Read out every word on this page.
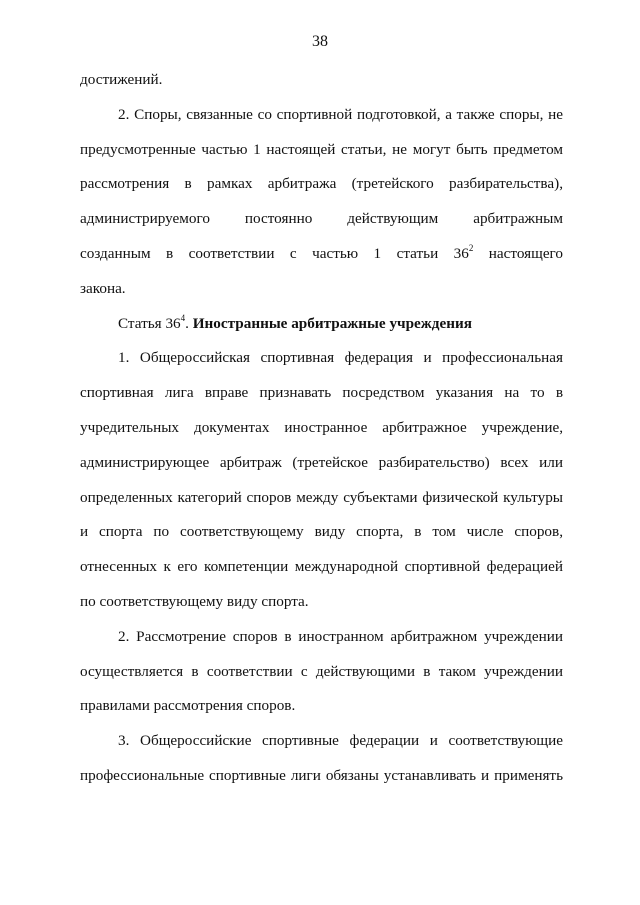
38
достижений.
2. Споры, связанные со спортивной подготовкой, а также споры, не
предусмотренные частью 1 настоящей статьи, не могут быть предметом
рассмотрения в рамках арбитража (третейского разбирательства),
администрируемого постоянно действующим арбитражным
созданным в соответствии с частью 1 статьи $36^2$ настоящего
закона.
Статья $36^4$. Иностранные арбитражные учреждения
1. Общероссийская спортивная федерация и профессиональная
спортивная лига вправе признавать посредством указания на то в
учредительных документах иностранное арбитражное учреждение,
администрирующее арбитраж (третейское разбирательство) всех или
определенных категорий споров между субъектами физической культуры
и спорта по соответствующему виду спорта, в том числе споров,
отнесенных к его компетенции международной спортивной федерацией
по соответствующему виду спорта.
2. Рассмотрение споров в иностранном арбитражном учреждении
осуществляется в соответствии с действующими в таком учреждении
правилами рассмотрения споров.
3. Общероссийские спортивные федерации и соответствующие
профессиональные спортивные лиги обязаны устанавливать и применять
